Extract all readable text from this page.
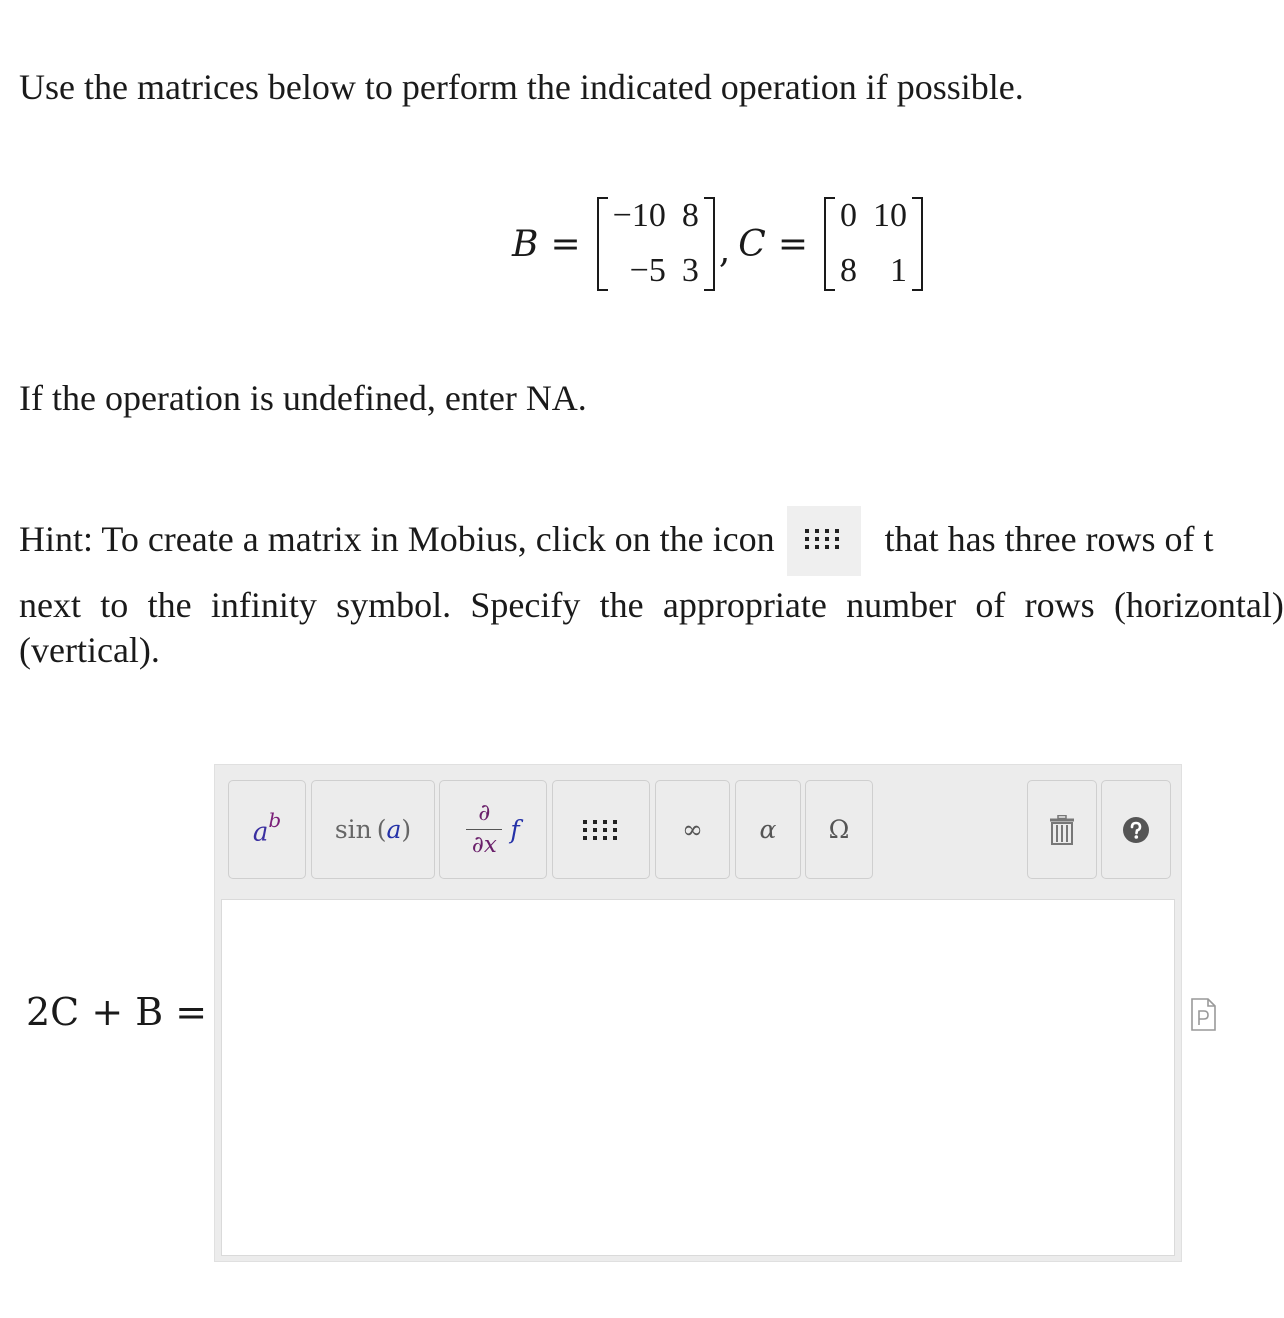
Use the matrices below to perform the indicated operation if possible.

B =
−10	8
−5	3 , C =
0	10
8	1

If the operation is undefined, enter NA.

Hint: To create a matrix in Mobius, click on the icon	that has three rows of t
next to the infinity symbol. Specify the appropriate number of rows (horizontal)
(vertical).
2C + B =
$a^b$ $\sin (a) \frac{\partial}{\partial x}$ f	∞ α Ω
